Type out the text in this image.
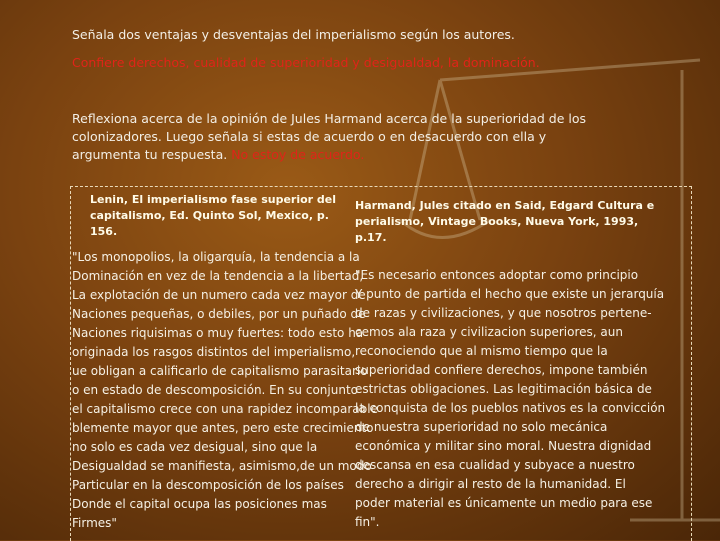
Señala dos ventajas y desventajas del imperialismo según los autores.
Confiere derechos, cualidad de superioridad y desigualdad, la dominación.
Reflexiona acerca de la opinión de Jules Harmand acerca de la superioridad de los colonizadores. Luego señala si estas de acuerdo o en desacuerdo con ella y argumenta tu respuesta. No estoy de acuerdo.
Lenin, El imperialismo fase superior del capitalismo, Ed. Quinto Sol, Mexico, p. 156.
Harmand, Jules citado en Said, Edgard Cultura e perialismo, Vintage Books, Nueva York, 1993, p.17.
"Los monopolios, la oligarquía, la tendencia a la
Dominación en vez de la tendencia a la libertad,
La explotación de un numero cada vez mayor de
Naciones pequeñas, o debiles, por un puñado de
Naciones riquisimas o muy fuertes: todo esto ha
originada los rasgos distintos del imperialismo,
ue obligan a calificarlo de capitalismo parasitario
o en estado de descomposición. En su conjunto
el capitalismo crece con una rapidez incomparable
blemente mayor que antes, pero este crecimiento
no solo es cada vez desigual, sino que la
Desigualdad se manifiesta, asimismo,de un modo
Particular en la descomposición de los países
Donde el capital ocupa las posiciones mas
Firmes"
"Es necesario entonces adoptar como principio
Y punto de partida el hecho que existe un jerarquía
de razas y civilizaciones, y que nosotros pertene-
cemos ala raza y civilizacion superiores, aun
reconociendo que al mismo tiempo que la
superioridad confiere derechos, impone también
estrictas obligaciones. Las legitimación básica de
la conquista de los pueblos nativos es la convicción
de nuestra superioridad no solo mecánica
económica y militar sino moral. Nuestra dignidad
descansa en esa cualidad y subyace a nuestro
derecho a dirigir al resto de la humanidad. El
poder material es únicamente un medio para ese
fin".
